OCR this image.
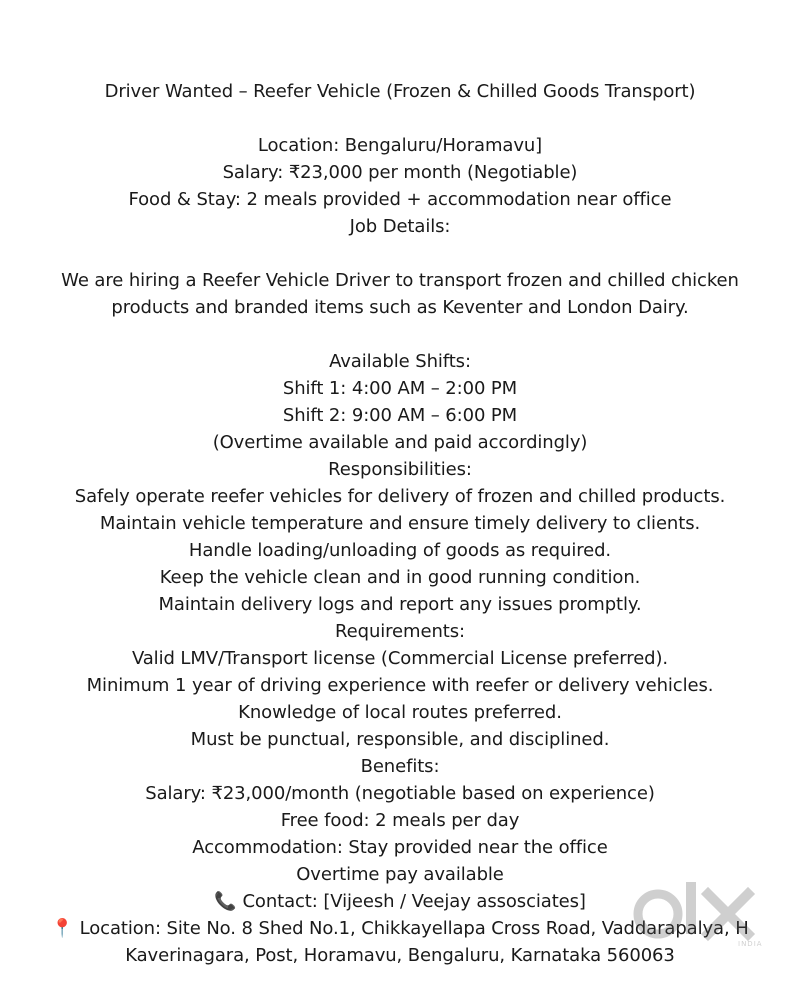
Driver Wanted – Reefer Vehicle (Frozen & Chilled Goods Transport)
Location: Bengaluru/Horamavu]
Salary: ₹23,000 per month (Negotiable)
Food & Stay: 2 meals provided + accommodation near office
Job Details:
We are hiring a Reefer Vehicle Driver to transport frozen and chilled chicken
products and branded items such as Keventer and London Dairy.
Available Shifts:
Shift 1: 4:00 AM – 2:00 PM
Shift 2: 9:00 AM – 6:00 PM
(Overtime available and paid accordingly)
Responsibilities:
Safely operate reefer vehicles for delivery of frozen and chilled products.
Maintain vehicle temperature and ensure timely delivery to clients.
Handle loading/unloading of goods as required.
Keep the vehicle clean and in good running condition.
Maintain delivery logs and report any issues promptly.
Requirements:
Valid LMV/Transport license (Commercial License preferred).
Minimum 1 year of driving experience with reefer or delivery vehicles.
Knowledge of local routes preferred.
Must be punctual, responsible, and disciplined.
Benefits:
Salary: ₹23,000/month (negotiable based on experience)
Free food: 2 meals per day
Accommodation: Stay provided near the office
Overtime pay available
📞 Contact: [Vijeesh / Veejay assosciates]
📍 Location: Site No. 8 Shed No.1, Chikkayellapa Cross Road, Vaddarapalya, H
Kaverinagara, Post, Horamavu, Bengaluru, Karnataka 560063
INDIA
